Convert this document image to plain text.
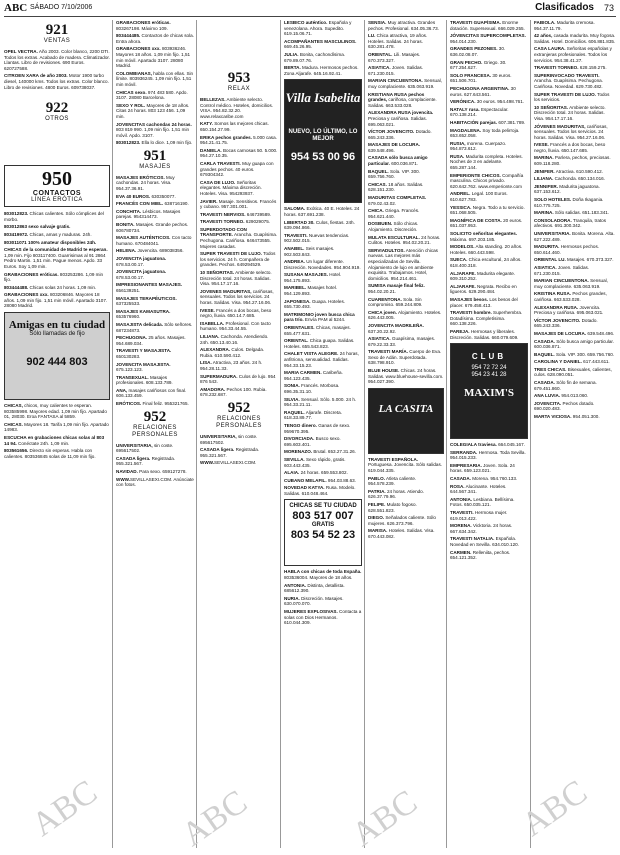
ABC SÁBADO 7/10/2006	Clasificados 73
921
VENTAS

OPEL VECTRA. Año 2003. Color blanco, 2200 DTI. Todos los extras. Acabado de madera. Climatizador. Llantas. Libro de revisiones. 690 Euros. 620727588.

CITROEN XARA de año 2003. Motor 1900 turbo diesel, 140000 kms. Todos los extras. Color blanco. Libro de revisiones. 4800 Euros. 609738037.

922
OTROS
950
CONTACTOS
LÍNEA ERÓTICA

803012823. Chicas calientes. Sólo cómplices del morbo.

803012863 sexo salvaje gratis.

803419972. Chicas, amas y maduras. 24h.

803011071 100% amateur disponibles 24h.

CHICAS de la comunidad de Madrid te esperan. 1,09 min. Fijo 803117400. Guarrisimas al 91 2864 Pedro Martin. 1,51 min. Pague menos. Apdo. 33 Euros. Soy 1,09 min.

GRABACIONES eróticas. 803253286. 1,09 min fijo.

803444488. Chicas solas 24 horas. 1,09 min.

GRABACIONES xxx. 803206846. Mayores 18 años. 1,09 min fijo. 1,51 min móvil. Apartado 3107. 28080 Madrid.

Amigas en tu ciudad
Sólo llamadas de fijo
902 444 803

CHICAS, chicos, muy calientes te esperan. 803585998. Mayores edad. 1,09 min fijo. Apartado 01, 28030. Eroa FANTASA al 5859.

CHICAS. Mayores 18. Tarifa 1,09 min fijo. Apartado 14983.

ESCUCHA en grabaciones chicas solas al 803 14 94. Conéctate 24h. 1,09 min.

803561656. Directo sin esperas. Habla con calientes. 803536845 solas de 11,09 min fijo.

GRABACIONES eróticas. 803267198. Máximo 109.

803444485. Contactos de chicas sola. Entra ahora.

GRABACIONES xxx. 803936246. Mayores 18 años. 1,09 min fijo. 1,51 min móvil. Apartado 3107. 28080 Madrid.

COLOMBIANAS, habla con ellas. Sin límite. 803936245. 1,09 min fijo. 1,51 min móvil.

CHICAS sexo. 974 483 580. Apdo. 3107. 28080 Barcelona.

SEXO Y ROL. Mayores de 18 años. Citas 24 horas. 803 123 456. 1,09 min.

JOVENCITAS cachondas 24 horas. 803 819 990. 1,09 min fijo. 1,51 min móvil. Apdo. 3107.

803012823. Ella lo dice. 1,09 min fijo.

951
MASAJES

MASAJES ERÓTICOS. Muy cachondas. 24 horas. Visa. 954.37.36.91.

EVA 40 EUROS. 630350077.

FRANCÉS CON MIEL. 638716190.

CONCHITA. Lésbicos. Masajes parejas. 954314473.

BONITA. Masajes. Grande pechos. 606780734.

MASAJES AUTÉNTICOS. Con tacto humano. 670484041.

HELENA. Jovencita. 689038356.

JOVENCITA jaguatona. 678.53.00.17.

JOVENCITA jaguatona. 678.53.00.17.

IMPRESIONANTES MASAJES. 656139251.

MASAJES TERAPÉUTICOS. 637325533.

MASAJES KAMASUTRA. 653576960.

MASAJISTA delicada. Sólo señores. 687234873.

PECHUGONA. 25 años. Masajes. 954.689.034.

TRAVESTI Y MASAJISTA. 650130283.

JOVENCITA MASAJISTA. 675.123.123.

TRANSEXUAL. Masajes profesionales. 608.133.789.

ANA, masajes cariñosos con final. 606.133.459.

ERÓTICOS. Final feliz. 955321765.

952
RELACIONES PERSONALES

UNIVERSITARIA, sin coste. 695617502.

CASADA ligera. Registrada. 955.321.567.

NAVIDAD. Para sexo. 659127278.

WWW.SEVILLASEXI.COM. Anúnciate con fotos.

953
RELAX

BELLEZAS. Ambiente selecto. Control médico. Hoteles, domicilios. VISA. 954.82.32.20. www.relaxcaribe.com

KATY. Somos las mejores chicas. 650.154.27.99.

ERIKA pechos grandes. 5.000 casa. 954.21.41.75.

DANIELA. Bocas carnosas 50. 5.000. 954.27.10.35.

CARLA TRAVESTI. Muy guapa con grandes pechos. 40 euros. 679304342.

CASA DE LUJO. Señoritas elegantes. Máxima discreción. Hoteles. Visa. 954293937.

JAVIER. Masaje. Sensitivos. Francés y cubano. 957.301.001.

TRAVESTI NERVIOS. 646739589.

TRAVESTI TORNEO. 629029075.

SUPERDOTADO CON TRANSPORTE. Arancha. Guapísima. Pechugona. Cariñosa. 646473555. Mujeres casadas.

SUPER TRAVESTI DE LUJO. Todos los servicios. 24 h. Compañera de grandes. Pechos. 649294529.

10 SEÑORITAS. Ambiente selecto. Discreción total. 24 horas. Salidas. Visa. 954.17.17.16.

JOVENES MADURITAS, cariñosas, sensuales. Todos los servicios. 24 horas. Salidas. Visa. 954.27.16.06.

IVESE. Francés a dos bocas, beso negro, lluvia. 650.14.7.685.

ISABELLA. Profesional. Con tacto humano. 954.33.44.55.

LILIANA. Cachonda. Atendiendo. 24h. 650.13.40.16.

ALEXANDRA. Culos. Delgada. Rubia. 610.590.412.

LISA. Atractiva, 23 años. 24 h. 954.28.11.33.

SUPERMADURA. Culos de lujo. 954 876 543.

AMADORA. Pechos 100. Rubia. 678.232.687.

952
RELACIONES PERSONALES

UNIVERSITARIA, sin coste. 695617502.

CASADA ligera. Registrada. 955.321.567.

WWW.SEVILLASEXI.COM.

LESBICO auténtico. Española y venezolana. Ahora. Supedito. 619.15.06.71.

ACOMPAÑANTES MASCULINOS. 669.45.26.95.

JULIA. Bonita, cachondísima. 679.89.07.76.

BERTA. Madura. Hermosos pechos. Zona Aljarafe. 645.16.92.41.

Villa Isabelita
NUEVO, LO ÚLTIMO, LO MEJOR
954 53 00 96

SALOMA. Exótica. 40 E. Hoteles. 24 horas. 637.691.238.

LIBERTAD 30. Culos, fiestas. 24h. 639.094.866.

TRAVESTI. Nuevas tendencias. 902.502.015.

ANABEL. Seis masajes. 902.503.843.

ANDREA. Un lugar diferente. Discreción. Novedades. 954.904.919.

SUSANA MASAJES. Hotel. 954.175.893.

MARIBEL. Masajes hotel. 954.129.893.

JAPONESA. Guapa. Hoteles. 655.730.493.

MATRIMONIO joven busca chica para trío. Envía PAM al 5244.

ORIENTALES. Chicas, masajes. 655.477.631.

ORIENTAL. Chica guapa. Salidas. Hoteles. 655.543.823.

CHALET VISTA ALEGRE. 24 horas, anfitriona, sensualidad. Salidas. 954.33.15.23.

MARIA CARMEN. Caribeña. 954.123.435.

SONIA. Francés. Morbosa. 696.35.31.10.

SILVIA. Sensual. Sólo. 5.000. 24 h. 954.33.21.11.

RAQUEL. Aljarafe. Discreta. 618.33.89.77.

TENGO dinero. Ganas de sexo. 959670.395.

DIVORCIADA. Busco sexo. 695.603.401.

MORENAZO. Brutal. 653.27.31.26.

SEVILLA. Sexo rápido, gratis. 603.443.435.

ALAIA. 24 horas. 659.553.802.

CUBANO MELAFIL. 954.03.88.63.

NOVEDAD KATYA. Rusa. Modelo. Salidas. 610.048.464.

CHICAS SE TU CIUDAD
803 517 007
GRATIS
803 54 52 23

HABLA con chicas de toda España. 803536004. Mayores de 18 años.

ANTONIA. Distinta, detallista. 685612.390.

NURIA. Discreción. Masajes. 630.070.070.

MUJERES EXPLOSIVAS. Contacta a solas con Dios Hermanos. 610.044.309.

SENSIA. Muy atractiva. Grandes pechos. Profesional. 634.05.36.73.

LU. Chica atractiva, 19 años. Hoteles. Salidas. 24 horas. 630.281.478.

ORIENTAL. Lili. Masajes. 670.373.327.

ASIATICA. Joven. Salidas. 671.230.015.

MARIAN CINCUENTONA. Sensual, muy complaciente. 635.063.919.

KRISTIANA RUSA pechos grandes, cariñosa, complaciente. Salidas. 663.533.028.

ALEXANDRA RUSA jovencita. Preciosa y cariñosa. Salidas. 695.063.021.

VÍCTOR JOVENCITO. Dotado. 665.243.336.

MASAJES DE LOCURA. 639.548.496.

CASADA sólo busca amigo particular. 600.036.871.

BAQUEL. Sola. VIP. 300. 659.756.760.

CHICAS. 18 años. Salidas. 628.151.230.

MADURITAS COMPLETAS. 679.02.43.02.

CHICA. Griega. Francés. 954.621.440.

DOSBUEN. Sólo chicas. Alojamiento. Discreción.

MULATA ESCULTURAL. 24 horas. Culitos. Hoteles. 954.02.20.21.

SERVIADULTOS. Atención chicas nuevas. Las mejores más especializadas de Sevilla. Alojamiento de lujo en ambiente exquisito. Trabajamos. Hotel, domicilios. 954.214.461.

SUMISA masaje final feliz. 954.02.20.21.

CUARENTONA. Sola. Sin compromiso. 659.244.809.

CHICA joven. Alojamiento. Hoteles. 626.443.005.

JOVENCITA MADRILEÑA. 637.20.22.92.

ASIATICA. Guapísima, masajes. 679.22.33.33.

TRAVESTI MARÍA. Cuerpo de Eva. Sexo de Adán. Superdotada. 638.798.910.

BLUE HOUSE. Chicas. 24 horas. Salidas. www.bluehouse-sevilla.com. 954.027.390.

LA CASITA

TRAVESTI ESPAÑOLA. Portuguesa. Jovencita. Sólo salidas. 619.044.335.

PABLO. Atleta caliente. 954.578.239.

PATRIA. 24 horas. Atiendo. 626.37.79.96.

FELIPE. Mulato fogoso. 628.551.823.

DIEGO. Señalados caliente. Sólo mujeres. 626.373.796.

MARISA. Hoteles. Salidas. Visa. 670.443.082.

TRAVESTI GUAPÍSIMA. Enorme dotación. Supersexual. 666.029.255.

JÓVENCITAS SUPERCOMPLETAS. 954.014.230.

GRANDES PEZONES. 30. 636.02.08.07.

GRAN PECHO. Griego. 30. 677.254.627.

SOLO FRANCESA. 30 euros. 651.506.701.

PECHUGONA ARGENTINA. 30 euros. 627.643.561.

VERÓNICA. 30 euros. 954.498.761.

NATALY rusa. Espectacular. 670.138.214.

HABITACIÓN parejas. 607.381.789.

MAGDALENA. Soy toda pelirroja. 653.652.058.

RUSIA, morena. Cuerpazo. 954.873.612.

RUSA. Madurita completa. Hoteles. Noches de 3 en adelante. 655.287.144.

EMPERIONTE CHICOS. Compañía masculina. Chicos privado. 620.642.762. www.emperionte.com

ANDREL. Legal. 100 Euros. 610.627.783.

YESSICA. Negra. Todo a tu servicio. 651.068.505.

MAGNÍFICA DE COSTA. 20 euros. 651.037.953.

SOLICITO señoritas elegantes. Máxima. 697.203.185.

MODELOS. Alta standing. 20 años. Hoteles. 660.443.598.

SUECA. Chica escultural, 24 años. 618.400.318.

ALJARAFE. Madurita elegante. 609.310.252.

ALJARAFE. Negrata. Recibo en ligueros. 629.290.484.

MASAJES besos. Los besos del placer. 679.458.413.

TRAVESTI hombre. Superhembra. Dotadísima. Completísima. 660.138.226.

PAREJA. Hermosas y liberales. Discreción. Salidas. 660.079.609.

CLUB
954 72 72 24
954 23 41 28
MAXIM'S

COLEGIALA traviesa. 664.045.167.

SERRANDA. Hermosa. Toda Sevilla. 954.015.233.

EMPRESARIA. Joven. Sola. 24 horas. 659.123.021.

CASADA. Morena. 954.760.133.

ROSA. Alucinante. Hoteles. 644.567.341.

ANTONIA. Lesbiana. Bellísima. Fotos. 650.035.121.

TRAVESTI. Hermosa mujer. 619.013.422.

MORENA. Vicktoria. 24 horas. 667.634.342.

TRAVESTI NATALIA. Española. Novedad en Sevilla. 634.010.120.

CARMEN. Relleniita, pechos. 654.121.352.

FABIOLA. Madurita cremosa. 954.37.11.79.

42 años, casada madurita. Muy fogosa. Salidas. Hotel. Domicilios. 606.881.835.

CASA LAURA. Señoritas españolas y extranjeras profesionales. Todos los servicios. 954.38.41.27.

TRAVESTI TORNEO. 628.159.275.

SUPERINVOCADO TRAVESTI. Arancha. Guapísima. Pechugona. Cariñosa. Novedad. 629.730.482.

SUPER TRAVESTI DE LUJO. Todos los servicios.

10 SEÑORITAS. Ambiente selecto. Discreción total. 24 horas. Salidas. Visa. 954.17.17.16.

JÓVENES MADURITAS, cariñosas, sensuales. Todos los servicios. 24 horas. Salidas. Visa. 954.27.16.06.

IVESE. Francés a dos bocas, beso negro, lluvia. 650.147.685.

MARINA. Parlera, pechos, preciosas. 609.118.280.

JENIFER. Atractiva. 610.590.412.

LILIANA. Cachonda. 650.134.016.

JENNIFER. Madurita jaguatona. 637.153.612.

SOLO HOTELES. Doña Ikagania. 610.775.725.

MARINA. Sólo salidas. 651.183.341.

CONSOLADORA. Tranquila, tratos afectivos. 691.300.342.

UNIVERSITARIA. Bonita. Morena. Alta. 627.222.489.

MADURITA. Hermosos pechos. 650.614.460.

ORIENTAL LU. Masajes. 670.373.327.

ASIATICA. Joven. Salidas. 671.230.015.

MARIAN CINCUENTONA. Sensual, muy complaciente. 635.063.919.

KRISTINA RUSA. Pechos grandes, cariñosa. 663.533.028.

ALEXANDRA RUSA. Jovencita. Preciosa y cariñosa. 695.063.021.

VÍCTOR JOVENCITO. Dotado. 665.243.336.

MASAJES DE LOCURA. 639.548.496.

CASADA. Sólo busca amigo particular. 600.036.871.

BAQUEL. Sola. VIP. 300. 659.756.760.

CAROLINA Y DANIEL. 617.443.611.

TRES CHICAS. Bisexuales, calientes, culos. 628.090.051.

CASADA. Sólo fin de semana. 679.451.860.

ANA LUVIA. 954.013.060.

JOVENCITA. Pechos dotado. 690.020.483.

MARTA VICIOSA. 954.051.300.

ABC ABC	ABC	ABC
